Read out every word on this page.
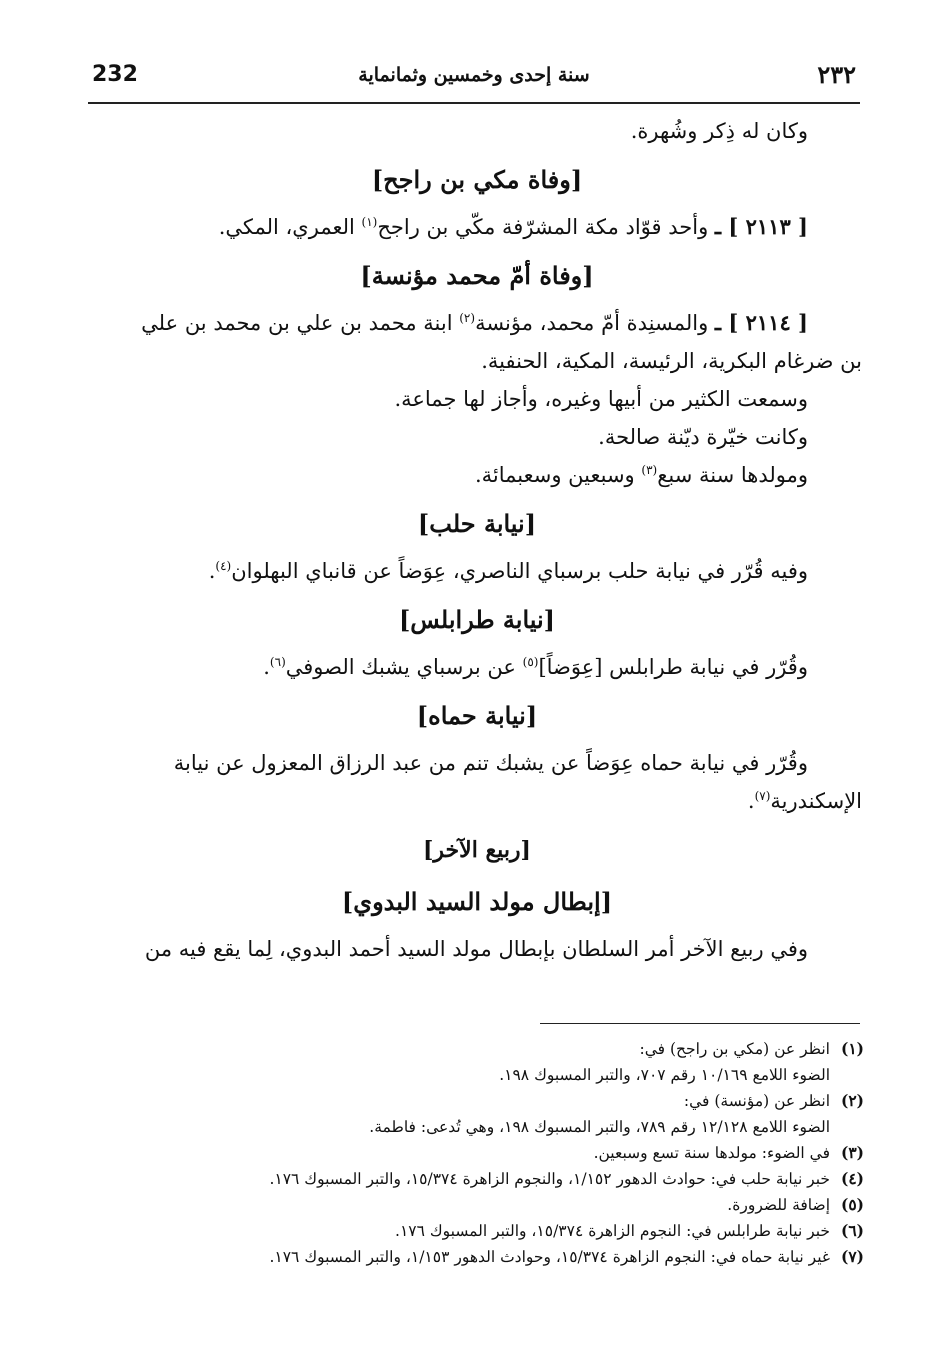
232	سنة إحدى وخمسين وثمانماية	٢٣٢

وكان له ذِكر وشُهرة.

[وفاة مكي بن راجح]

[ ٢١١٣ ] ـ وأحد قوّاد مكة المشرّفة مكّي بن راجح$^{(١)}$ العمري، المكي.

[وفاة أمّ محمد مؤنسة]

[ ٢١١٤ ] ـ والمسنِدة أمّ محمد، مؤنسة$^{(٢)}$ ابنة محمد بن علي بن محمد بن علي

بن ضرغام البكرية، الرئيسة، المكية، الحنفية.

وسمعت الكثير من أبيها وغيره، وأجاز لها جماعة.

وكانت خيّرة ديّنة صالحة.

ومولدها سنة سبع$^{(٣)}$ وسبعين وسعبمائة.

[نيابة حلب]

وفيه قُرّر في نيابة حلب برسباي الناصري، عِوَضاً عن قانباي البهلوان$^{(٤)}$.

[نيابة طرابلس]

وقُرّر في نيابة طرابلس [عِوَضاً]$^{(٥)}$ عن برسباي يشبك الصوفي$^{(٦)}$.

[نيابة حماه]

وقُرّر في نيابة حماه عِوَضاً عن يشبك تنم من عبد الرزاق المعزول عن نيابة

الإسكندرية$^{(٧)}$.

[ربيع الآخر]
[إبطال مولد السيد البدوي]

وفي ربيع الآخر أمر السلطان بإبطال مولد السيد أحمد البدوي، لِما يقع فيه من

(١)انظر عن (مكي بن راجح) في:

الضوء اللامع ١٠/١٦٩ رقم ٧٠٧، والتبر المسبوك ١٩٨.

(٢)انظر عن (مؤنسة) في:

الضوء اللامع ١٢/١٢٨ رقم ٧٨٩، والتبر المسبوك ١٩٨، وهي تُدعى: فاطمة.

(٣)في الضوء: مولدها سنة تسع وسبعين.

(٤)خبر نيابة حلب في: حوادث الدهور ١/١٥٢، والنجوم الزاهرة ١٥/٣٧٤، والتبر المسبوك ١٧٦.

(٥)إضافة للضرورة.

(٦)خبر نيابة طرابلس في: النجوم الزاهرة ١٥/٣٧٤، والتبر المسبوك ١٧٦.

(٧)غير نيابة حماه في: النجوم الزاهرة ١٥/٣٧٤، وحوادث الدهور ١/١٥٣، والتبر المسبوك ١٧٦.
